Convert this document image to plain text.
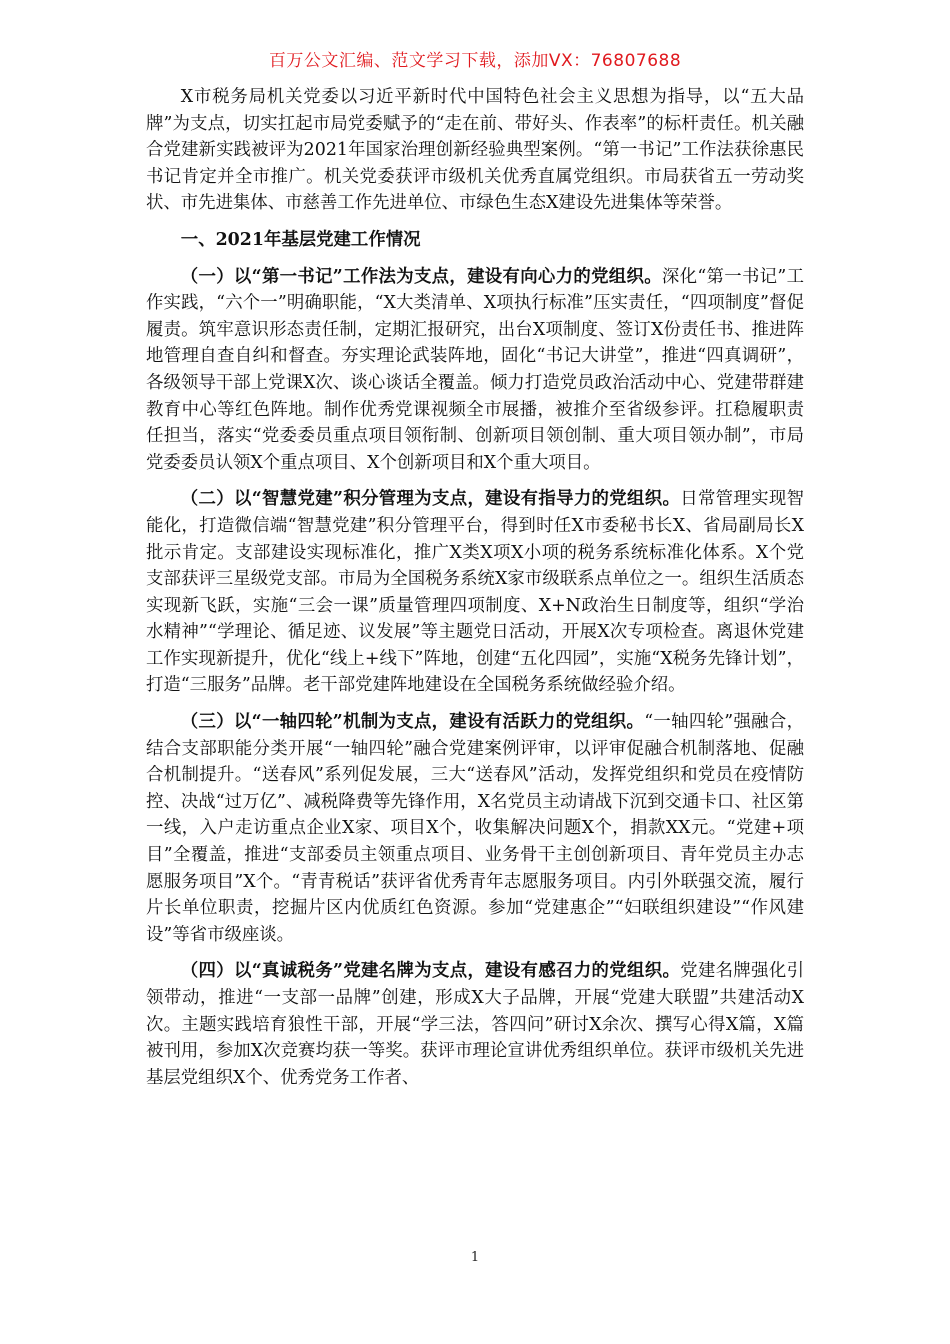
百万公文汇编、范文学习下载，添加VX：76807688

X市税务局机关党委以习近平新时代中国特色社会主义思想为指导，以“五大品牌”为支点，切实扛起市局党委赋予的“走在前、带好头、作表率”的标杆责任。机关融合党建新实践被评为2021年国家治理创新经验典型案例。“第一书记”工作法获徐惠民书记肯定并全市推广。机关党委获评市级机关优秀直属党组织。市局获省五一劳动奖状、市先进集体、市慈善工作先进单位、市绿色生态X建设先进集体等荣誉。

一、2021年基层党建工作情况

（一）以“第一书记”工作法为支点，建设有向心力的党组织。深化“第一书记”工作实践，“六个一”明确职能，“X大类清单、X项执行标准”压实责任，“四项制度”督促履责。筑牢意识形态责任制，定期汇报研究，出台X项制度、签订X份责任书、推进阵地管理自查自纠和督查。夯实理论武装阵地，固化“书记大讲堂”，推进“四真调研”，各级领导干部上党课X次、谈心谈话全覆盖。倾力打造党员政治活动中心、党建带群建教育中心等红色阵地。制作优秀党课视频全市展播，被推介至省级参评。扛稳履职责任担当，落实“党委委员重点项目领衔制、创新项目领创制、重大项目领办制”，市局党委委员认领X个重点项目、X个创新项目和X个重大项目。

（二）以“智慧党建”积分管理为支点，建设有指导力的党组织。日常管理实现智能化，打造微信端“智慧党建”积分管理平台，得到时任X市委秘书长X、省局副局长X批示肯定。支部建设实现标准化，推广X类X项X小项的税务系统标准化体系。X个党支部获评三星级党支部。市局为全国税务系统X家市级联系点单位之一。组织生活质态实现新飞跃，实施“三会一课”质量管理四项制度、X+N政治生日制度等，组织“学治水精神”“学理论、循足迹、议发展”等主题党日活动，开展X次专项检查。离退休党建工作实现新提升，优化“线上+线下”阵地，创建“五化四园”，实施“X税务先锋计划”，打造“三服务”品牌。老干部党建阵地建设在全国税务系统做经验介绍。

（三）以“一轴四轮”机制为支点，建设有活跃力的党组织。“一轴四轮”强融合，结合支部职能分类开展“一轴四轮”融合党建案例评审，以评审促融合机制落地、促融合机制提升。“送春风”系列促发展，三大“送春风”活动，发挥党组织和党员在疫情防控、决战“过万亿”、减税降费等先锋作用，X名党员主动请战下沉到交通卡口、社区第一线，入户走访重点企业X家、项目X个，收集解决问题X个，捐款XX元。“党建+项目”全覆盖，推进“支部委员主领重点项目、业务骨干主创创新项目、青年党员主办志愿服务项目”X个。“青青税话”获评省优秀青年志愿服务项目。内引外联强交流，履行片长单位职责，挖掘片区内优质红色资源。参加“党建惠企”“妇联组织建设”“作风建设”等省市级座谈。

（四）以“真诚税务”党建名牌为支点，建设有感召力的党组织。党建名牌强化引领带动，推进“一支部一品牌”创建，形成X大子品牌，开展“党建大联盟”共建活动X次。主题实践培育狼性干部，开展“学三法，答四问”研讨X余次、撰写心得X篇，X篇被刊用，参加X次竞赛均获一等奖。获评市理论宣讲优秀组织单位。获评市级机关先进基层党组织X个、优秀党务工作者、

1
